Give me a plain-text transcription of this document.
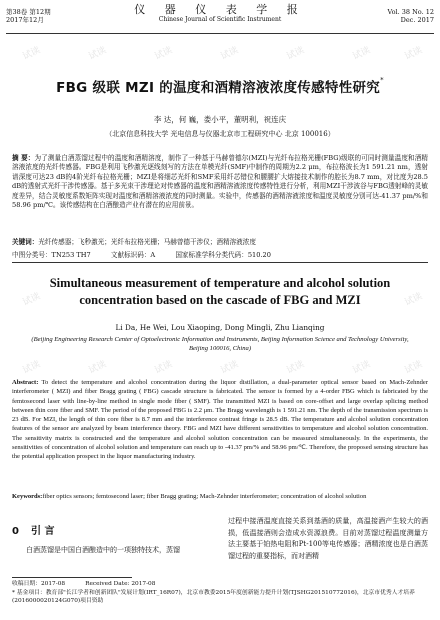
试读	试读	试读	试读	试读	试读	试读
试读	试读
试读	试读	试读	试读	试读	试读	试读
第38卷 第12期
2017年12月
仪 器 仪 表 学 报
Chinese Journal of Scientific Instrument
Vol. 38 No. 12
Dec. 2017
FBG 级联 MZI 的温度和酒精溶液浓度传感特性研究*
李 达，何 巍，娄小平，董明利，祝连庆
（北京信息科技大学 光电信息与仪器北京市工程研究中心 北京 100016）
摘 要：为了测量白酒蒸馏过程中的温度和酒精溶度，制作了一种基于马赫曾德尔(MZI)与光纤布拉格光栅(FBG)级联的可同时测量温度和酒精溶液浓度的光纤传感器。FBG是利用飞秒激光逐线刻写的方法在单模光纤(SMF)中制作的周期为2.2 μm，布拉格波长为1 591.21 nm，透射谱深度可达23 dB的4阶光纤布拉格光栅；MZI是将细芯光纤和SMF采用纤芯错位和腰腰扩大熔接技术制作的腔长为8.7 mm，对比度为28.5 dB的透射式光纤干涉传感器。基于多光束干涉理论对传感器的温度和酒精溶液浓度传感特性进行分析，利用MZI干涉波谷与FBG透射峰的灵敏度差异，结合灵敏度系数矩阵实现对温度和酒精溶液浓度的同时测量。实验中，传感器的酒精溶液浓度和温度灵敏度分别可达-41.37 pm/%和58.96 pm/℃。该传感结构在白酒酿造产业有潜在的应用前景。
关键词：光纤传感器；飞秒激光；光纤布拉格光栅；马赫曾德干涉仪；酒精溶液浓度
中图分类号：TN253 TH7	文献标识码：A	国家标准学科分类代码：510.20
Simultaneous measurement of temperature and alcohol solution concentration based on the cascade of FBG and MZI
Li Da, He Wei, Lou Xiaoping, Dong Mingli, Zhu Lianqing
(Beijing Engineering Research Center of Optoelectronic Information and Instruments, Beijing Information Science and Technology University, Beijing 100016, China)
Abstract: To detect the temperature and alcohol concentration during the liquor distillation, a dual-parameter optical sensor based on Mach-Zehnder interferometer ( MZI) and fiber Bragg grating ( FBG) cascade structure is fabricated. The sensor is formed by a 4-order FBG which is fabricated by the femtosecond laser with line-by-line method in single mode fiber ( SMF). The transmitted MZI is based on core-offset and large overlap splicing method between thin core fiber and SMF. The period of the proposed FBG is 2.2 μm. The Bragg wavelength is 1 591.21 nm. The depth of the transmission spectrum is 23 dB. For MZI, the length of thin core fiber is 8.7 mm and the interference contrast fringe is 28.5 dB. The temperature and alcohol solution concentration features of the sensor are analyzed by beam interference theory. FBG and MZI have different sensitivities to temperature and alcohol solution concentration. The sensitivity matrix is constructed and the temperature and alcohol solution concentration can be measured simultaneously. In the experiments, the sensitivities of concentration of alcohol solution and temperature can reach up to -41.37 pm/% and 58.96 pm/℃. Therefore, the proposed sensing structure has the potential application prospect in the liquor manufacturing industry.
Keywords:fiber optics sensors; femtosecond laser; fiber Bragg grating; Mach-Zehnder interferometer; concentration of alcohol solution
0 引 言
白酒蒸馏是中国白酒酿造中的一项独特技术，蒸馏
过程中接酒温度直接关系到基酒的质量，高温接酒产生较大的酒损，低温接酒则会造成水资源浪费。目前对蒸馏过程温度测量方法主要基于铂热电阻和Pt-100等电传感器；酒精浓度也是白酒蒸馏过程的重要指标，而对酒精
收稿日期：2017-08	Received Date: 2017-08
* 基金项目：教育部"长江学者和创新团队"发展计划(IRT_16R07)，北京市教委2015年度创新能力提升计划(TJSHG201510772016)，北京市优秀人才培养(2016000020124G070)项目资助
